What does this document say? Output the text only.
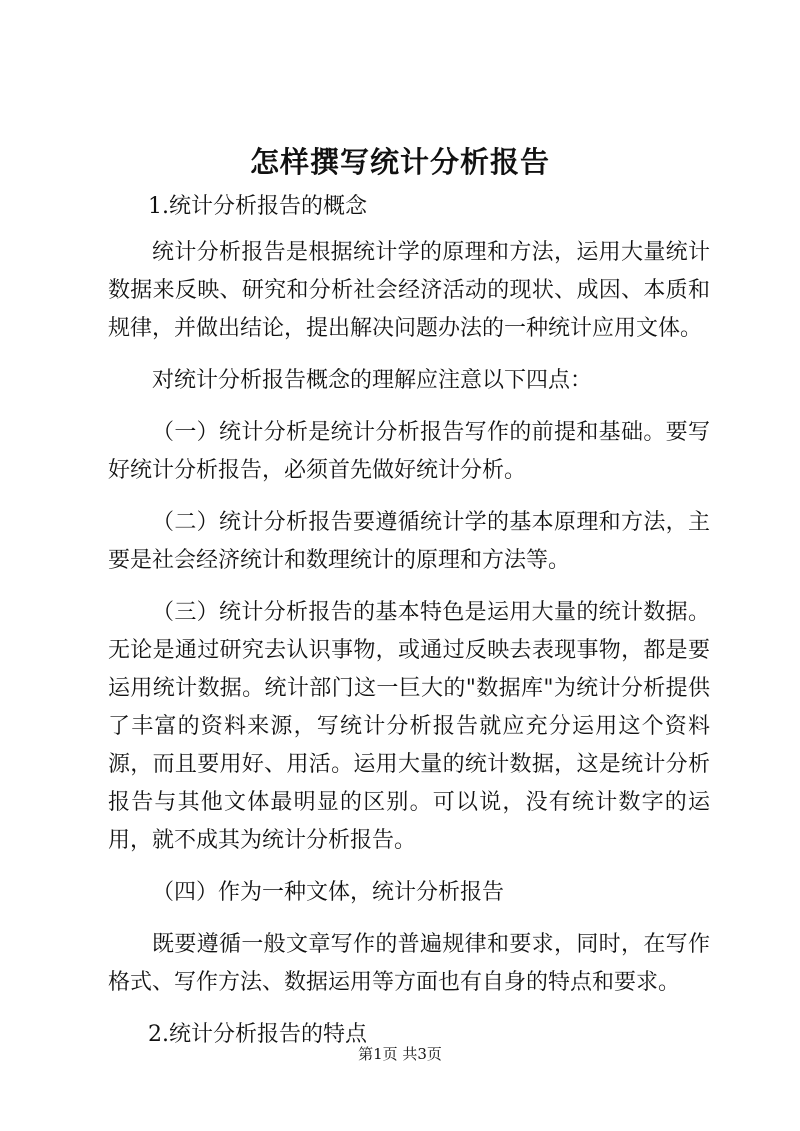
怎样撰写统计分析报告

1.统计分析报告的概念

统计分析报告是根据统计学的原理和方法，运用大量统计数据来反映、研究和分析社会经济活动的现状、成因、本质和规律，并做出结论，提出解决问题办法的一种统计应用文体。

对统计分析报告概念的理解应注意以下四点：

（一）统计分析是统计分析报告写作的前提和基础。要写好统计分析报告，必须首先做好统计分析。

（二）统计分析报告要遵循统计学的基本原理和方法，主要是社会经济统计和数理统计的原理和方法等。

（三）统计分析报告的基本特色是运用大量的统计数据。无论是通过研究去认识事物，或通过反映去表现事物，都是要运用统计数据。统计部门这一巨大的"数据库"为统计分析提供了丰富的资料来源，写统计分析报告就应充分运用这个资料源，而且要用好、用活。运用大量的统计数据，这是统计分析报告与其他文体最明显的区别。可以说，没有统计数字的运用，就不成其为统计分析报告。

（四）作为一种文体，统计分析报告

既要遵循一般文章写作的普遍规律和要求，同时，在写作格式、写作方法、数据运用等方面也有自身的特点和要求。

2.统计分析报告的特点

第1页 共3页
